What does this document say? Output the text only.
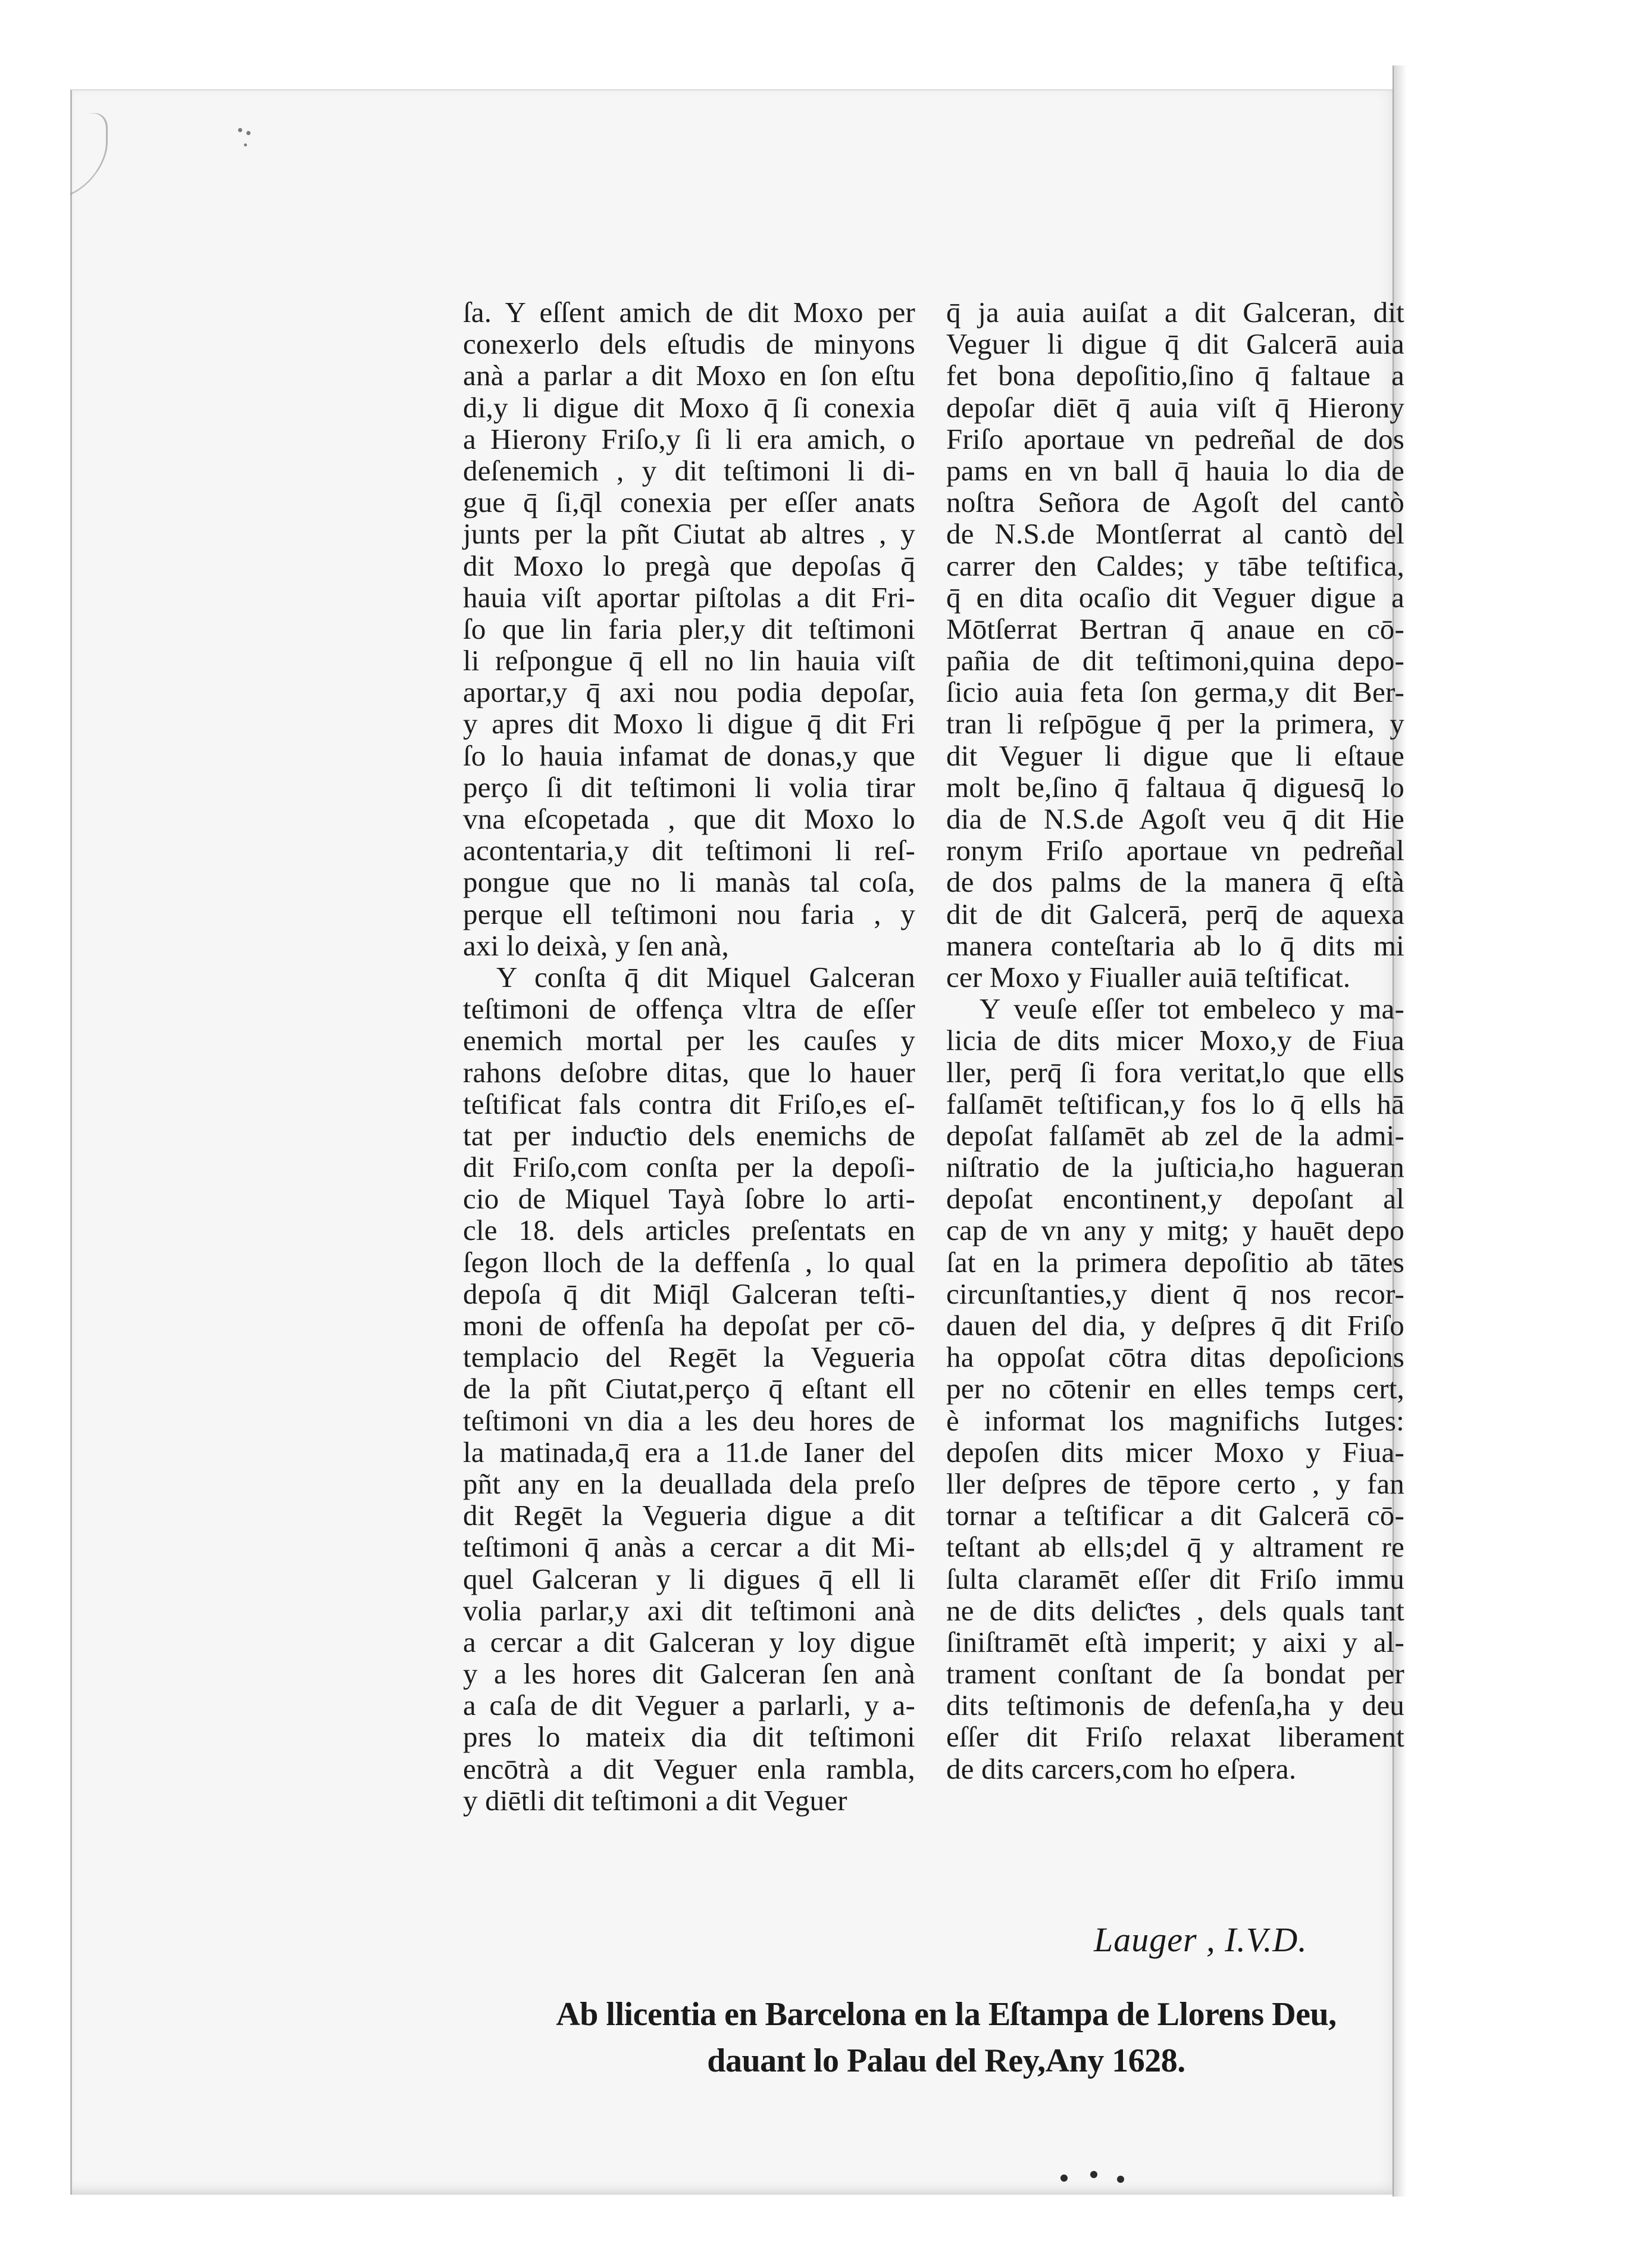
ſa. Y eſſent amich de dit Moxo per
conexerlo dels eſtudis de minyons
anà a parlar a dit Moxo en ſon eſtu
di,y li digue dit Moxo q̄ ſi conexia
a Hierony Friſo,y ſi li era amich, o
deſenemich , y dit teſtimoni li di-
gue q̄ ſi,q̄l conexia per eſſer anats
junts per la pñt Ciutat ab altres , y
dit Moxo lo pregà que depoſas q̄
hauia viſt aportar piſtolas a dit Fri-
ſo que lin faria pler,y dit teſtimoni
li reſpongue q̄ ell no lin hauia viſt
aportar,y q̄ axi nou podia depoſar,
y apres dit Moxo li digue q̄ dit Fri
ſo lo hauia infamat de donas,y que
perço ſi dit teſtimoni li volia tirar
vna eſcopetada , que dit Moxo lo
acontentaria,y dit teſtimoni li reſ-
pongue que no li manàs tal coſa,
perque ell teſtimoni nou faria , y
axi lo deixà, y ſen anà,
Y conſta q̄ dit Miquel Galceran
teſtimoni de offença vltra de eſſer
enemich mortal per les cauſes y
rahons deſobre ditas, que lo hauer
teſtificat fals contra dit Friſo,es eſ-
tat per induƈtio dels enemichs de
dit Friſo,com conſta per la depoſi-
cio de Miquel Tayà ſobre lo arti-
cle 18. dels articles preſentats en
ſegon lloch de la deffenſa , lo qual
depoſa q̄ dit Miq̄l Galceran teſti-
moni de offenſa ha depoſat per cō-
templacio del Regēt la Vegueria
de la pñt Ciutat,perço q̄ eſtant ell
teſtimoni vn dia a les deu hores de
la matinada,q̄ era a 11.de Ianer del
pñt any en la deuallada dela preſo
dit Regēt la Vegueria digue a dit
teſtimoni q̄ anàs a cercar a dit Mi-
quel Galceran y li digues q̄ ell li
volia parlar,y axi dit teſtimoni anà
a cercar a dit Galceran y loy digue
y a les hores dit Galceran ſen anà
a caſa de dit Veguer a parlarli, y a-
pres lo mateix dia dit teſtimoni
encōtrà a dit Veguer enla rambla,
y diētli dit teſtimoni a dit Veguer
q̄ ja auia auiſat a dit Galceran, dit
Veguer li digue q̄ dit Galcerā auia
fet bona depoſitio,ſino q̄ faltaue a
depoſar diēt q̄ auia viſt q̄ Hierony
Friſo aportaue vn pedreñal de dos
pams en vn ball q̄ hauia lo dia de
noſtra Señora de Agoſt del cantò
de N.S.de Montſerrat al cantò del
carrer den Caldes; y tābe teſtifica,
q̄ en dita ocaſio dit Veguer digue a
Mōtſerrat Bertran q̄ anaue en cō-
pañia de dit teſtimoni,quina depo-
ſicio auia feta ſon germa,y dit Ber-
tran li reſpōgue q̄ per la primera, y
dit Veguer li digue que li eſtaue
molt be,ſino q̄ faltaua q̄ diguesq̄ lo
dia de N.S.de Agoſt veu q̄ dit Hie
ronym Friſo aportaue vn pedreñal
de dos palms de la manera q̄ eſtà
dit de dit Galcerā, perq̄ de aquexa
manera conteſtaria ab lo q̄ dits mi
cer Moxo y Fiualler auiā teſtificat.
Y veuſe eſſer tot embeleco y ma-
licia de dits micer Moxo,y de Fiua
ller, perq̄ ſi fora veritat,lo que ells
falſamēt teſtifican,y fos lo q̄ ells hā
depoſat falſamēt ab zel de la admi-
niſtratio de la juſticia,ho hagueran
depoſat encontinent,y depoſant al
cap de vn any y mitg; y hauēt depo
ſat en la primera depoſitio ab tātes
circunſtanties,y dient q̄ nos recor-
dauen del dia, y deſpres q̄ dit Friſo
ha oppoſat cōtra ditas depoſicions
per no cōtenir en elles temps cert,
è informat los magnifichs Iutges:
depoſen dits micer Moxo y Fiua-
ller deſpres de tēpore certo , y fan
tornar a teſtificar a dit Galcerā cō-
teſtant ab ells;del q̄ y altrament re
ſulta claramēt eſſer dit Friſo immu
ne de dits deliƈtes , dels quals tant
ſiniſtramēt eſtà imperit; y aixi y al-
trament conſtant de ſa bondat per
dits teſtimonis de defenſa,ha y deu
eſſer dit Friſo relaxat liberament
de dits carcers,com ho eſpera.
Lauger , I.V.D.
Ab llicentia en Barcelona en la Eſtampa de Llorens Deu,
dauant lo Palau del Rey,Any 1628.
